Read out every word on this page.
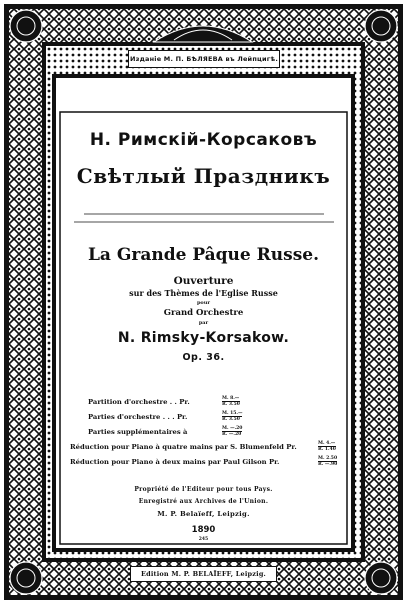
Изданіе M. П. БѢЛЯЕВА въ Лейпцигѣ.
Н. Римскій-Корсаковъ
Свѣтлый Праздникъ
La Grande Pâque Russe.
Ouverture
sur des Thèmes de l'Eglise Russe
pour
Grand Orchestre
par
N. Rimsky-Korsakow.
Op. 36.
Partition d'orchestre . . Pr.	M. 8.—
R. 3.50
Parties d'orchestre . . . Pr.	M. 15.—
R. 3.50
Parties supplémentaires à	M. —.20
R. —.20
Réduction pour Piano à quatre mains par S. Blumenfeld Pr.	M. 4.—
R. 1.40
Réduction pour Piano à deux mains par Paul Gilson Pr.	M. 2.50
R. —.90
Propriété de l'Editeur pour tous Pays.
Enregistré aux Archives de l'Union.
M. P. Belaïeff, Leipzig.
1890
245
Edition M. P. BELAÏEFF, Leipzig.
